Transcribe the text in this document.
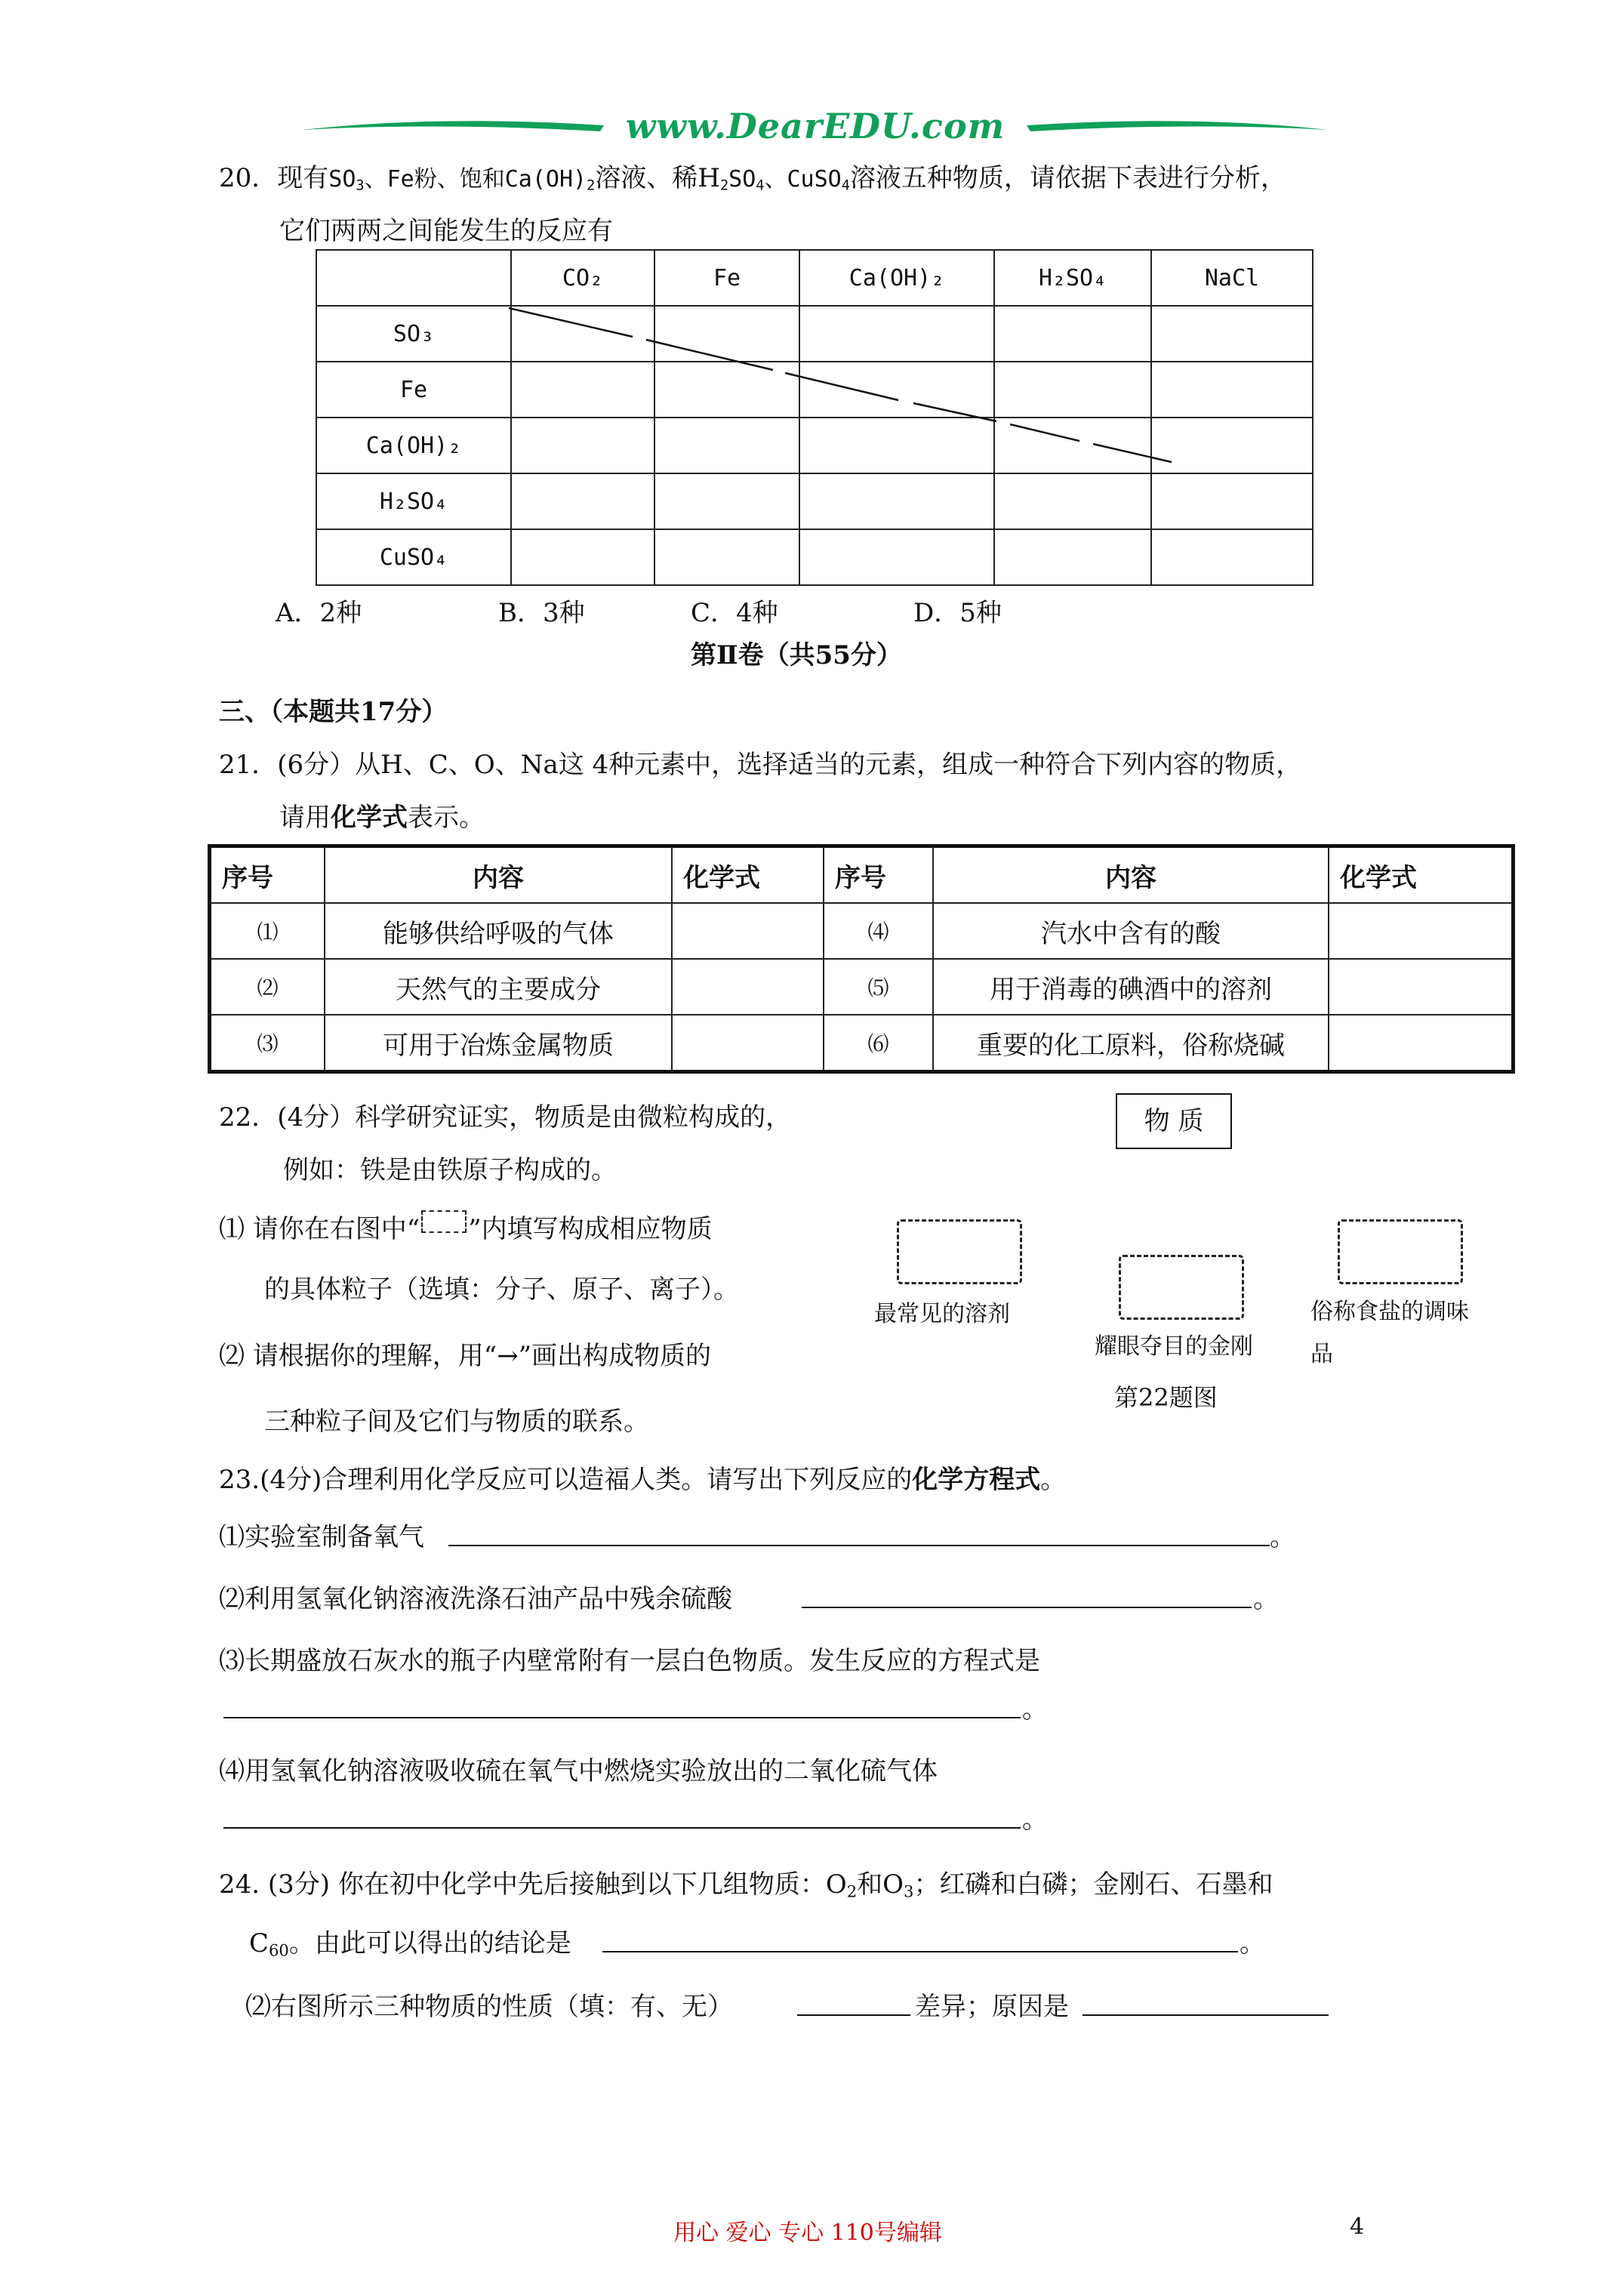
www.DearEDU.com
20．现有$SO_3$、Fe粉、饱和$Ca(OH)_2$溶液、稀$H_2SO_4$、CuSO$_4$溶液五种物质，请依据下表进行分析，
它们两两之间能发生的反应有
	CO₂	Fe	Ca(OH)₂	H₂SO₄	NaCl
SO₃					
Fe					
Ca(OH)₂					
H₂SO₄					
CuSO₄					
A．2种	B．3种	C．4种	D．5种
第Ⅱ卷（共55分）
三、（本题共17分）
21．(6分）从H、C、O、Na这 4种元素中，选择适当的元素，组成一种符合下列内容的物质，
请用化学式表示。
序号	内容	化学式	序号	内容	化学式
⑴	能够供给呼吸的气体		⑷	汽水中含有的酸	
⑵	天然气的主要成分		⑸	用于消毒的碘酒中的溶剂	
⑶	可用于冶炼金属物质		⑹	重要的化工原料，俗称烧碱	
22．(4分）科学研究证实，物质是由微粒构成的，
例如：铁是由铁原子构成的。
⑴ 请你在右图中“ ”内填写构成相应物质
的具体粒子（选填：分子、原子、离子）。
⑵ 请根据你的理解，用“→”画出构成物质的
三种粒子间及它们与物质的联系。
物 质
最常见的溶剂
耀眼夺目的金刚
俗称食盐的调味
品
第22题图
23.(4分)合理利用化学反应可以造福人类。请写出下列反应的化学方程式。
⑴实验室制备氧气	。
⑵利用氢氧化钠溶液洗涤石油产品中残余硫酸	。
⑶长期盛放石灰水的瓶子内壁常附有一层白色物质。发生反应的方程式是
。
⑷用氢氧化钠溶液吸收硫在氧气中燃烧实验放出的二氧化硫气体
。
24. (3分) 你在初中化学中先后接触到以下几组物质：$O_2$和$O_3$；红磷和白磷；金刚石、石墨和
$C_{60}$。由此可以得出的结论是	。
⑵右图所示三种物质的性质（填：有、无）	差异；原因是
用心 爱心 专心 110号编辑	4
